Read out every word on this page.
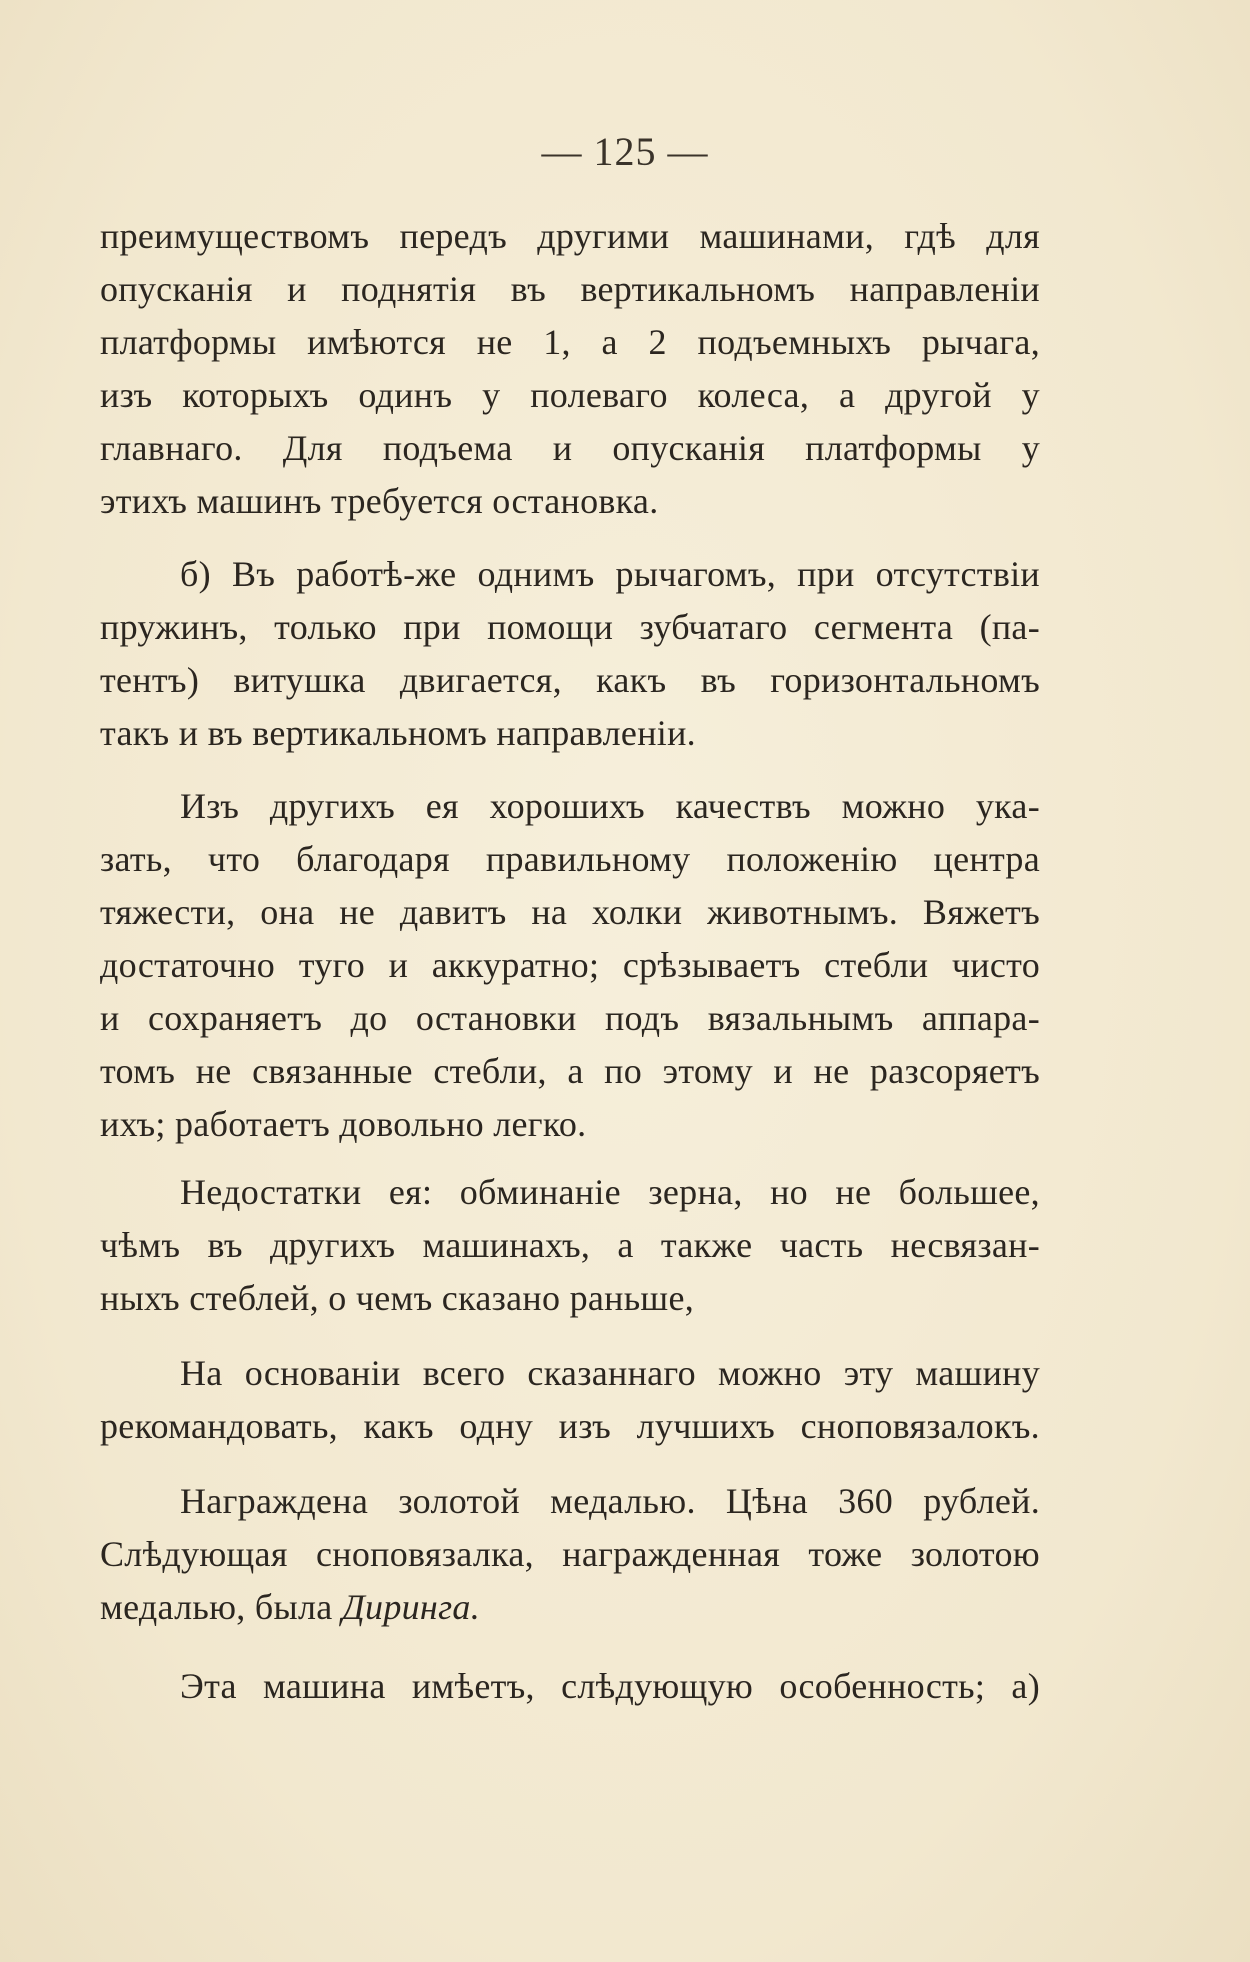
— 125 —
преимуществомъ передъ другими машинами, гдѣ для
опусканія и поднятія въ вертикальномъ направленіи
платформы имѣются не 1, а 2 подъемныхъ рычага,
изъ которыхъ одинъ у полеваго колеса, а другой у
главнаго. Для подъема и опусканія платформы у
этихъ машинъ требуется остановка.
б) Въ работѣ-же однимъ рычагомъ, при отсутствіи
пружинъ, только при помощи зубчатаго сегмента (па-
тентъ) витушка двигается, какъ въ горизонтальномъ
такъ и въ вертикальномъ направленіи.
Изъ другихъ ея хорошихъ качествъ можно ука-
зать, что благодаря правильному положенію центра
тяжести, она не давитъ на холки животнымъ. Вяжетъ
достаточно туго и аккуратно; срѣзываетъ стебли чисто
и сохраняетъ до остановки подъ вязальнымъ аппара-
томъ не связанные стебли, а по этому и не разсоряетъ
ихъ; работаетъ довольно легко.
Недостатки ея: обминаніе зерна, но не большее,
чѣмъ въ другихъ машинахъ, а также часть несвязан-
ныхъ стеблей, о чемъ сказано раньше,
На основаніи всего сказаннаго можно эту машину
рекомандовать, какъ одну изъ лучшихъ сноповязалокъ.
Награждена золотой медалью. Цѣна 360 рублей.
Слѣдующая сноповязалка, награжденная тоже золотою
медалью, была Диринга.
Эта машина имѣетъ, слѣдующую особенность; а)
